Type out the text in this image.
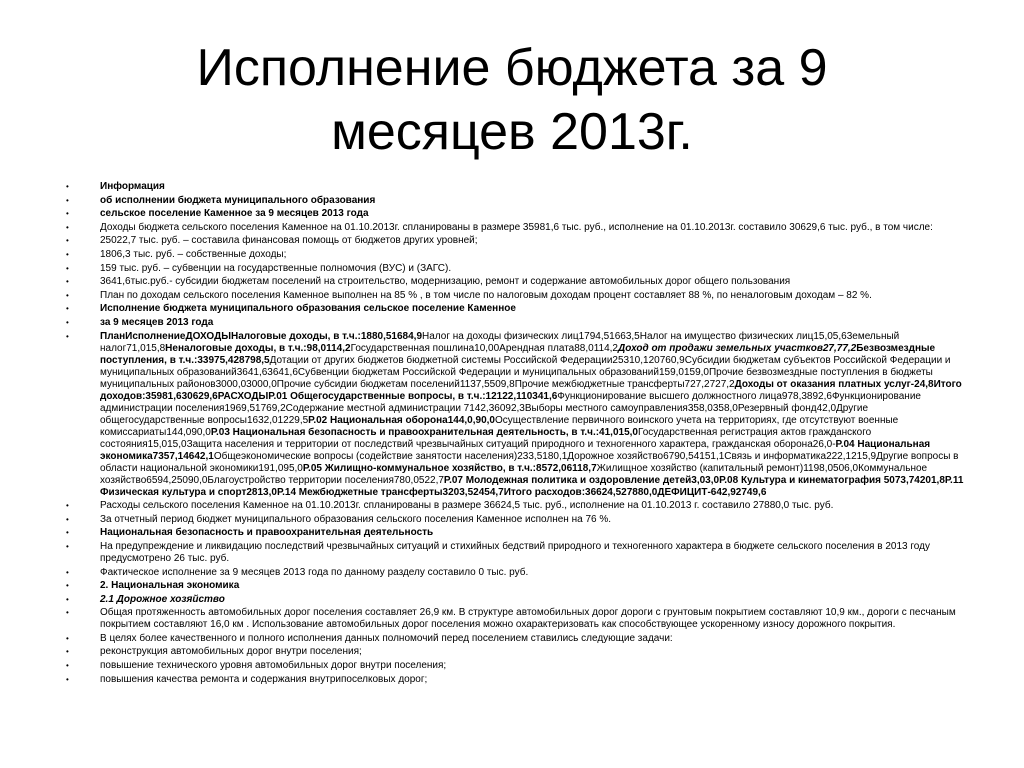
Исполнение бюджета за 9
месяцев 2013г.
• Информация
• об исполнении бюджета муниципального образования
• сельское поселение Каменное за 9 месяцев 2013 года
• Доходы бюджета сельского поселения Каменное на 01.10.2013г. спланированы в размере 35981,6 тыс. руб., исполнение на 01.10.2013г. составило 30629,6 тыс. руб., в том числе:
• 25022,7 тыс. руб. – составила финансовая помощь от бюджетов других уровней;
• 1806,3 тыс. руб. – собственные доходы;
• 159 тыс. руб. – субвенции на государственные полномочия (ВУС) и (ЗАГС).
• 3641,6тыс.руб.- субсидии бюджетам поселений на строительство, модернизацию, ремонт и содержание автомобильных дорог общего пользования
• План по доходам сельского поселения Каменное выполнен на 85 % , в том числе по налоговым доходам процент составляет 88 %, по неналоговым доходам – 82 %.
• Исполнение бюджета муниципального образования сельское поселение Каменное
• за 9 месяцев 2013 года
• ПланИсполнениеДОХОДЫНалоговые доходы, в т.ч.:1880,51684,9Налог на доходы физических лиц1794,51663,5Налог на имущество физических лиц15,05,63емельный налог71,015,8Неналоговые доходы, в т.ч.:98,0114,2Государственная пошлина10,00Арендная плата88,0114,2Доход от продажи земельных участков27,77,2Безвозмездные поступления, в т.ч.:33975,428798,5Дотации от других бюджетов бюджетной системы Российской Федерации25310,120760,9Субсидии бюджетам субъектов Российской Федерации и муниципальных образований3641,63641,6Субвенции бюджетам Российской Федерации и муниципальных образований159,0159,0Прочие безвозмездные поступления в бюджеты муниципальных районов3000,03000,0Прочие субсидии бюджетам поселений1137,5509,8Прочие межбюджетные трансферты727,2727,2Доходы от оказания платных услуг-24,8Итого доходов:35981,630629,6РАСХОДЫР.01 Общегосударственные вопросы, в т.ч.:12122,110341,6Функционирование высшего должностного лица978,3892,6Функционирование администрации поселения1969,51769,2Содержание местной администрации 7142,36092,3Выборы местного самоуправления358,0358,0Резервный фонд42,0Другие общегосударственные вопросы1632,01229,5Р.02 Национальная оборона144,0,90,0Осуществление первичного воинского учета на территориях, где отсутствуют военные комиссариаты144,090,0Р.03 Национальная безопасность и правоохранительная деятельность, в т.ч.:41,015,0Государственная регистрация актов гражданского состояния15,015,0Защита населения и территории от последствий чрезвычайных ситуаций природного и техногенного характера, гражданская оборона26,0-Р.04 Национальная экономика7357,14642,1Общеэкономические вопросы (содействие занятости населения)233,5180,1Дорожное хозяйство6790,54151,1Связь и информатика222,1215,9Другие вопросы в области национальной экономики191,095,0Р.05 Жилищно-коммунальное хозяйство, в т.ч.:8572,06118,7Жилищное хозяйство (капитальный ремонт)1198,0506,0Коммунальное хозяйство6594,25090,0Благоустройство территории поселения780,0522,7Р.07 Молодежная политика и оздоровление детей3,03,0Р.08 Культура и кинематография 5073,74201,8Р.11 Физическая культура и спорт2813,0Р.14 Межбюджетные трансферты3203,52454,7Итого расходов:36624,527880,0ДЕФИЦИТ-642,92749,6
• Расходы сельского поселения Каменное на 01.10.2013г. спланированы в размере 36624,5 тыс. руб., исполнение на 01.10.2013 г. составило 27880,0 тыс. руб.
• За отчетный период бюджет муниципального образования сельского поселения Каменное исполнен на 76 %.
• Национальная безопасность и правоохранительная деятельность
• На предупреждение и ликвидацию последствий чрезвычайных ситуаций и стихийных бедствий природного и техногенного характера в бюджете сельского поселения в 2013 году предусмотрено 26 тыс. руб.
• Фактическое исполнение за 9 месяцев 2013 года по данному разделу составило 0 тыс. руб.
• 2. Национальная экономика
• 2.1 Дорожное хозяйство
• Общая протяженность автомобильных дорог поселения составляет 26,9 км. В структуре автомобильных дорог дороги с грунтовым покрытием составляют 10,9 км., дороги с песчаным покрытием составляют 16,0 км . Использование автомобильных дорог поселения можно охарактеризовать как способствующее ускоренному износу дорожного покрытия.
• В целях более качественного и полного исполнения данных полномочий перед поселением ставились следующие задачи:
• реконструкция автомобильных дорог внутри поселения;
• повышение технического уровня автомобильных дорог внутри поселения;
• повышения качества ремонта и содержания внутрипоселковых дорог;
